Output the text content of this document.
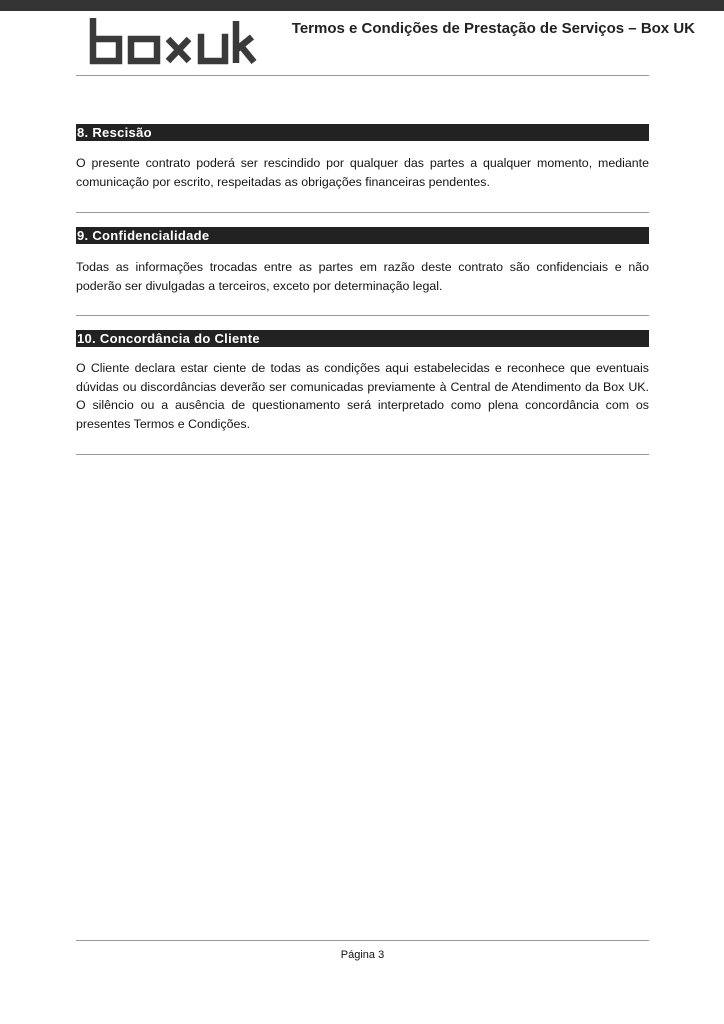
Termos e Condições de Prestação de Serviços – Box UK
8. Rescisão

O presente contrato poderá ser rescindido por qualquer das partes a qualquer momento, mediante comunicação por escrito, respeitadas as obrigações financeiras pendentes.

9. Confidencialidade

Todas as informações trocadas entre as partes em razão deste contrato são confidenciais e não poderão ser divulgadas a terceiros, exceto por determinação legal.

10. Concordância do Cliente

O Cliente declara estar ciente de todas as condições aqui estabelecidas e reconhece que eventuais dúvidas ou discordâncias deverão ser comunicadas previamente à Central de Atendimento da Box UK. O silêncio ou a ausência de questionamento será interpretado como plena concordância com os presentes Termos e Condições.

Página 3
